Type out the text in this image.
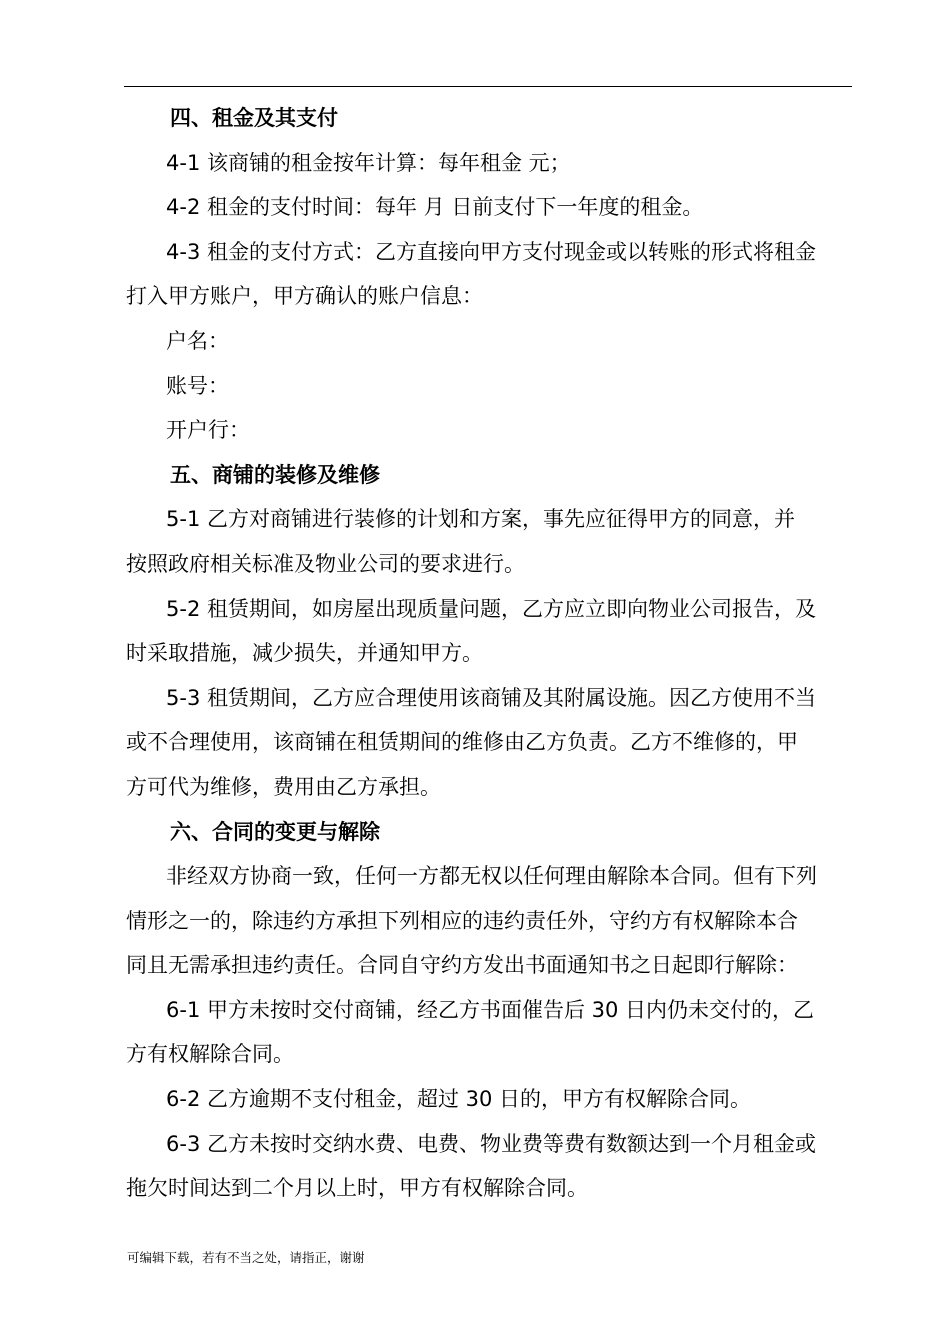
四、租金及其支付
4-1 该商铺的租金按年计算：每年租金 元；
4-2 租金的支付时间：每年 月 日前支付下一年度的租金。
4-3 租金的支付方式：乙方直接向甲方支付现金或以转账的形式将租金
打入甲方账户，甲方确认的账户信息：
户名：
账号：
开户行：
五、商铺的装修及维修
5-1 乙方对商铺进行装修的计划和方案，事先应征得甲方的同意，并
按照政府相关标准及物业公司的要求进行。
5-2 租赁期间，如房屋出现质量问题，乙方应立即向物业公司报告，及
时采取措施，减少损失，并通知甲方。
5-3 租赁期间，乙方应合理使用该商铺及其附属设施。因乙方使用不当
或不合理使用，该商铺在租赁期间的维修由乙方负责。乙方不维修的，甲
方可代为维修，费用由乙方承担。
六、合同的变更与解除
非经双方协商一致，任何一方都无权以任何理由解除本合同。但有下列
情形之一的，除违约方承担下列相应的违约责任外，守约方有权解除本合
同且无需承担违约责任。合同自守约方发出书面通知书之日起即行解除：
6-1 甲方未按时交付商铺，经乙方书面催告后 30 日内仍未交付的，乙
方有权解除合同。
6-2 乙方逾期不支付租金，超过 30 日的，甲方有权解除合同。
6-3 乙方未按时交纳水费、电费、物业费等费有数额达到一个月租金或
拖欠时间达到二个月以上时，甲方有权解除合同。
可编辑下载，若有不当之处，请指正，谢谢
